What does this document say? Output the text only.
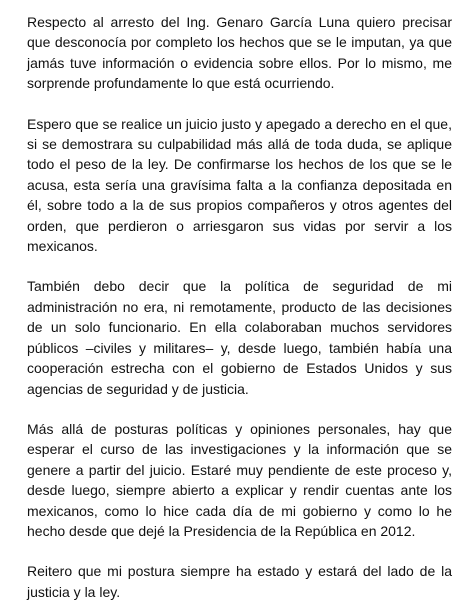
Respecto al arresto del Ing. Genaro García Luna quiero precisar que desconocía por completo los hechos que se le imputan, ya que jamás tuve información o evidencia sobre ellos. Por lo mismo, me sorprende profundamente lo que está ocurriendo.

Espero que se realice un juicio justo y apegado a derecho en el que, si se demostrara su culpabilidad más allá de toda duda, se aplique todo el peso de la ley. De confirmarse los hechos de los que se le acusa, esta sería una gravísima falta a la confianza depositada en él, sobre todo a la de sus propios compañeros y otros agentes del orden, que perdieron o arriesgaron sus vidas por servir a los mexicanos.

También debo decir que la política de seguridad de mi administración no era, ni remotamente, producto de las decisiones de un solo funcionario. En ella colaboraban muchos servidores públicos –civiles y militares– y, desde luego, también había una cooperación estrecha con el gobierno de Estados Unidos y sus agencias de seguridad y de justicia.

Más allá de posturas políticas y opiniones personales, hay que esperar el curso de las investigaciones y la información que se genere a partir del juicio. Estaré muy pendiente de este proceso y, desde luego, siempre abierto a explicar y rendir cuentas ante los mexicanos, como lo hice cada día de mi gobierno y como lo he hecho desde que dejé la Presidencia de la República en 2012.

Reitero que mi postura siempre ha estado y estará del lado de la justicia y la ley.
